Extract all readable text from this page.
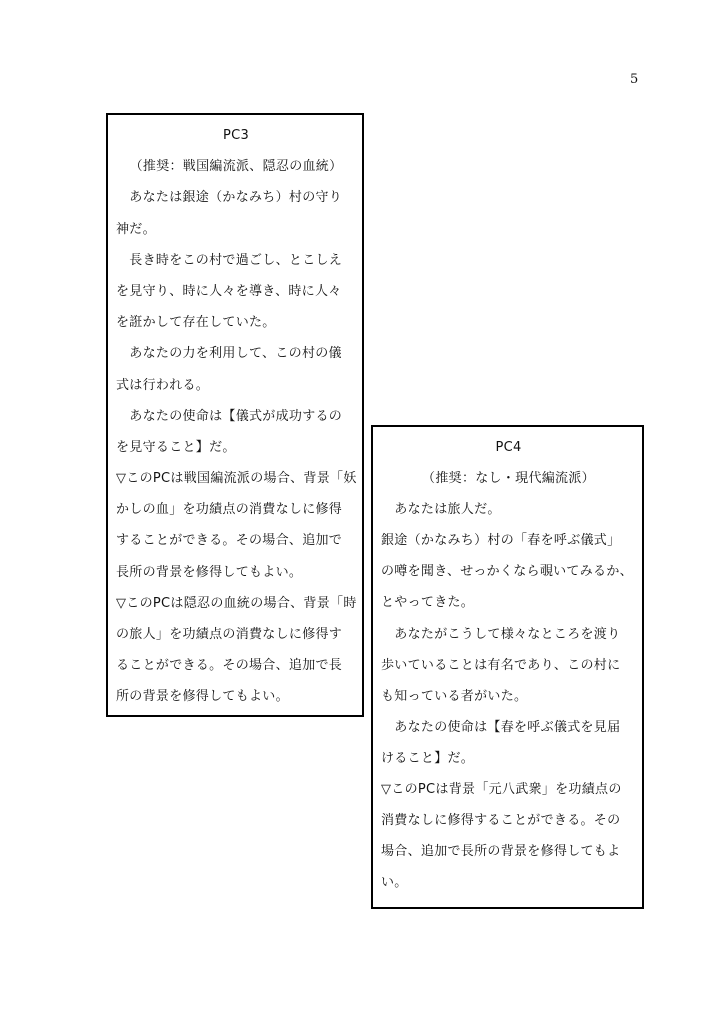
5
PC3
（推奨：戦国編流派、隠忍の血統）
　あなたは銀途（かなみち）村の守り
神だ。
　長き時をこの村で過ごし、とこしえ
を見守り、時に人々を導き、時に人々
を誑かして存在していた。
　あなたの力を利用して、この村の儀
式は行われる。
　あなたの使命は【儀式が成功するの
を見守ること】だ。
▽このPCは戦国編流派の場合、背景「妖
かしの血」を功績点の消費なしに修得
することができる。その場合、追加で
長所の背景を修得してもよい。
▽このPCは隠忍の血統の場合、背景「時
の旅人」を功績点の消費なしに修得す
ることができる。その場合、追加で長
所の背景を修得してもよい。
PC4
（推奨：なし・現代編流派）
　あなたは旅人だ。
銀途（かなみち）村の「春を呼ぶ儀式」
の噂を聞き、せっかくなら覗いてみるか、
とやってきた。
　あなたがこうして様々なところを渡り
歩いていることは有名であり、この村に
も知っている者がいた。
　あなたの使命は【春を呼ぶ儀式を見届
けること】だ。
▽このPCは背景「元八武衆」を功績点の
消費なしに修得することができる。その
場合、追加で長所の背景を修得してもよ
い。
